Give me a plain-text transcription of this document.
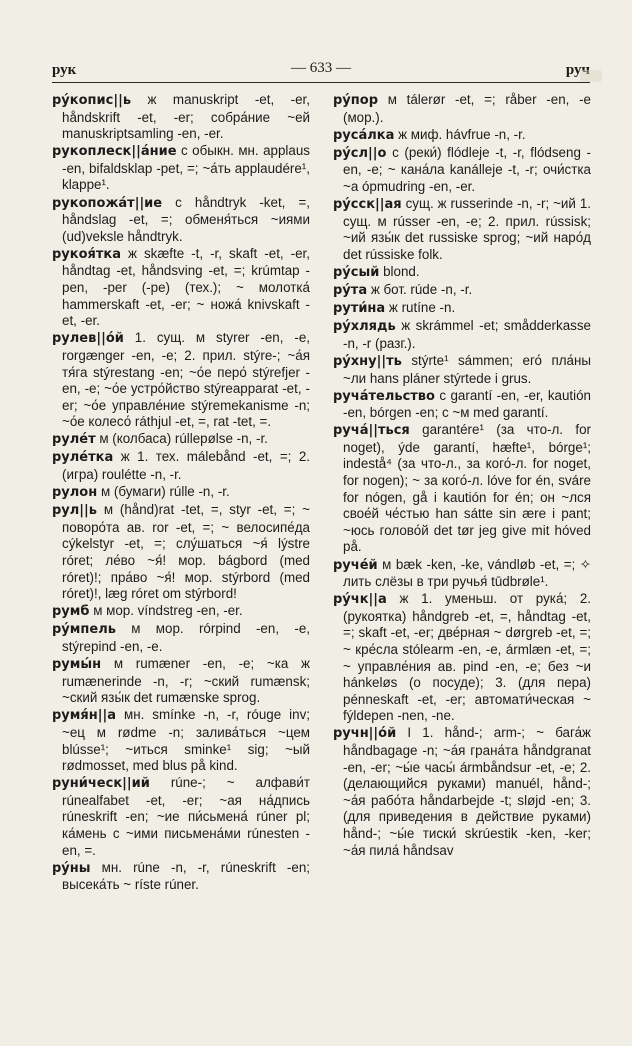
рук	— 633 —	руч
ру́копис||ь ж manuskript -et, -er, håndskrift -et, -er; собра́ние ~ей manuskriptsamling -en, -er.
рукоплеск||а́ние с обыкн. мн. applaus -en, bifaldsklap -pet, =; ~а́ть applaudére¹, klappe¹.
рукопожа́т||ие с håndtryk -ket, =, håndslag -et, =; обменя́ться ~иями (ud)veksle håndtryk.
рукоя́тка ж skæfte -t, -r, skaft -et, -er, håndtag -et, håndsving -et, =; krúmtap -pen, -per (-pe) (тех.); ~ молотка́ hammerskaft -et, -er; ~ ножа́ knivskaft -et, -er.
рулев||о́й 1. сущ. м styrer -en, -e, rorgænger -en, -e; 2. прил. stýre-; ~а́я тя́га stýrestang -en; ~о́е перо́ stýrefjer -en, -e; ~о́е устро́йство stýreapparat -et, -er; ~о́е управле́ние stýremekanisme -n; ~о́е колесо́ ráthjul -et, =, rat -tet, =.
руле́т м (колбаса) rúllepølse -n, -r.
руле́тка ж 1. тех. málebånd -et, =; 2. (игра) roulétte -n, -r.
рулон м (бумаги) rúlle -n, -r.
рул||ь м (hånd)rat -tet, =, styr -et, =; ~ поворо́та ав. ror -et, =; ~ велосипе́да cýkelstyr -et, =; слу́шаться ~я́ lýstre róret; ле́во ~я́! мор. bágbord (med róret)!; пра́во ~я́! мор. stýrbord (med róret)!, læg róret om stýrbord!
румб м мор. víndstreg -en, -er.
ру́мпель м мор. rórpind -en, -e, stýrepind -en, -e.
румы́н м rumæner -en, -e; ~ка ж rumænerinde -n, -r; ~ский rumænsk; ~ский язы́к det rumænske sprog.
румя́н||а мн. smínke -n, -r, róuge inv; ~ец м rødme -n; залива́ться ~цем blússe¹; ~иться sminke¹ sig; ~ый rødmosset, med blus på kind.
руни́ческ||ий rúne-; ~ алфави́т rúnealfabet -et, -er; ~ая на́дпись rúneskrift -en; ~ие пи́сьмена́ rúner pl; ка́мень с ~ими письмена́ми rúnesten -en, =.
ру́ны мн. rúne -n, -r, rúneskrift -en; высека́ть ~ ríste rúner.
ру́пор м tálerør -et, =; råber -en, -e (мор.).
руса́лка ж миф. hávfrue -n, -r.
ру́сл||о с (реки́) flódleje -t, -r, flódseng -en, -e; ~ кана́ла kanálleje -t, -r; очи́стка ~а ópmudring -en, -er.
ру́сск||ая сущ. ж russerinde -n, -r; ~ий 1. сущ. м rússer -en, -e; 2. прил. rússisk; ~ий язы́к det russiske sprog; ~ий наро́д det rússiske folk.
ру́сый blond.
ру́та ж бот. rúde -n, -r.
рути́на ж rutíne -n.
ру́хлядь ж skrámmel -et; smådderkasse -n, -r (разг.).
ру́хну||ть stýrte¹ sámmen; его́ пла́ны ~ли hans pláner stýrtede i grus.
руча́тельство с garantí -en, -er, kautión -en, bórgen -en; с ~м med garantí.
руча́||ться garantére¹ (за что-л. for noget), ýde garantí, hæfte¹, bórge¹; indestå⁴ (за что-л., за кого́-л. for noget, for nogen); ~ за кого́-л. lóve for én, sváre for nógen, gå i kautión for én; он ~лся свое́й че́стью han sátte sin ære i pant; ~юсь голово́й det tør jeg give mit hóved på.
руче́й м bæk -ken, -ke, vándløb -et, =; ✧ лить слёзы в три ручья́ tūdbrøle¹.
ру́чк||а ж 1. уменьш. от рука́; 2. (рукоятка) håndgreb -et, =, håndtag -et, =; skaft -et, -er; две́рная ~ dørgreb -et, =; ~ кре́сла stólearm -en, -e, ármlæn -et, =; ~ управле́ния ав. pind -en, -e; без ~и hánkeløs (о посуде); 3. (для пера) pénneskaft -et, -er; автомати́ческая ~ fýldepen -nen, -ne.
ручн||о́й I 1. hånd-; arm-; ~ бага́ж håndbagage -n; ~а́я грана́та håndgranat -en, -er; ~ы́е часы́ ármbåndsur -et, -e; 2. (делающийся руками) manuél, hånd-; ~а́я рабо́та håndarbejde -t; sløjd -en; 3. (для приведения в действие руками) hånd-; ~ы́е тиски́ skrúestik -ken, -ker; ~а́я пила́ håndsav
